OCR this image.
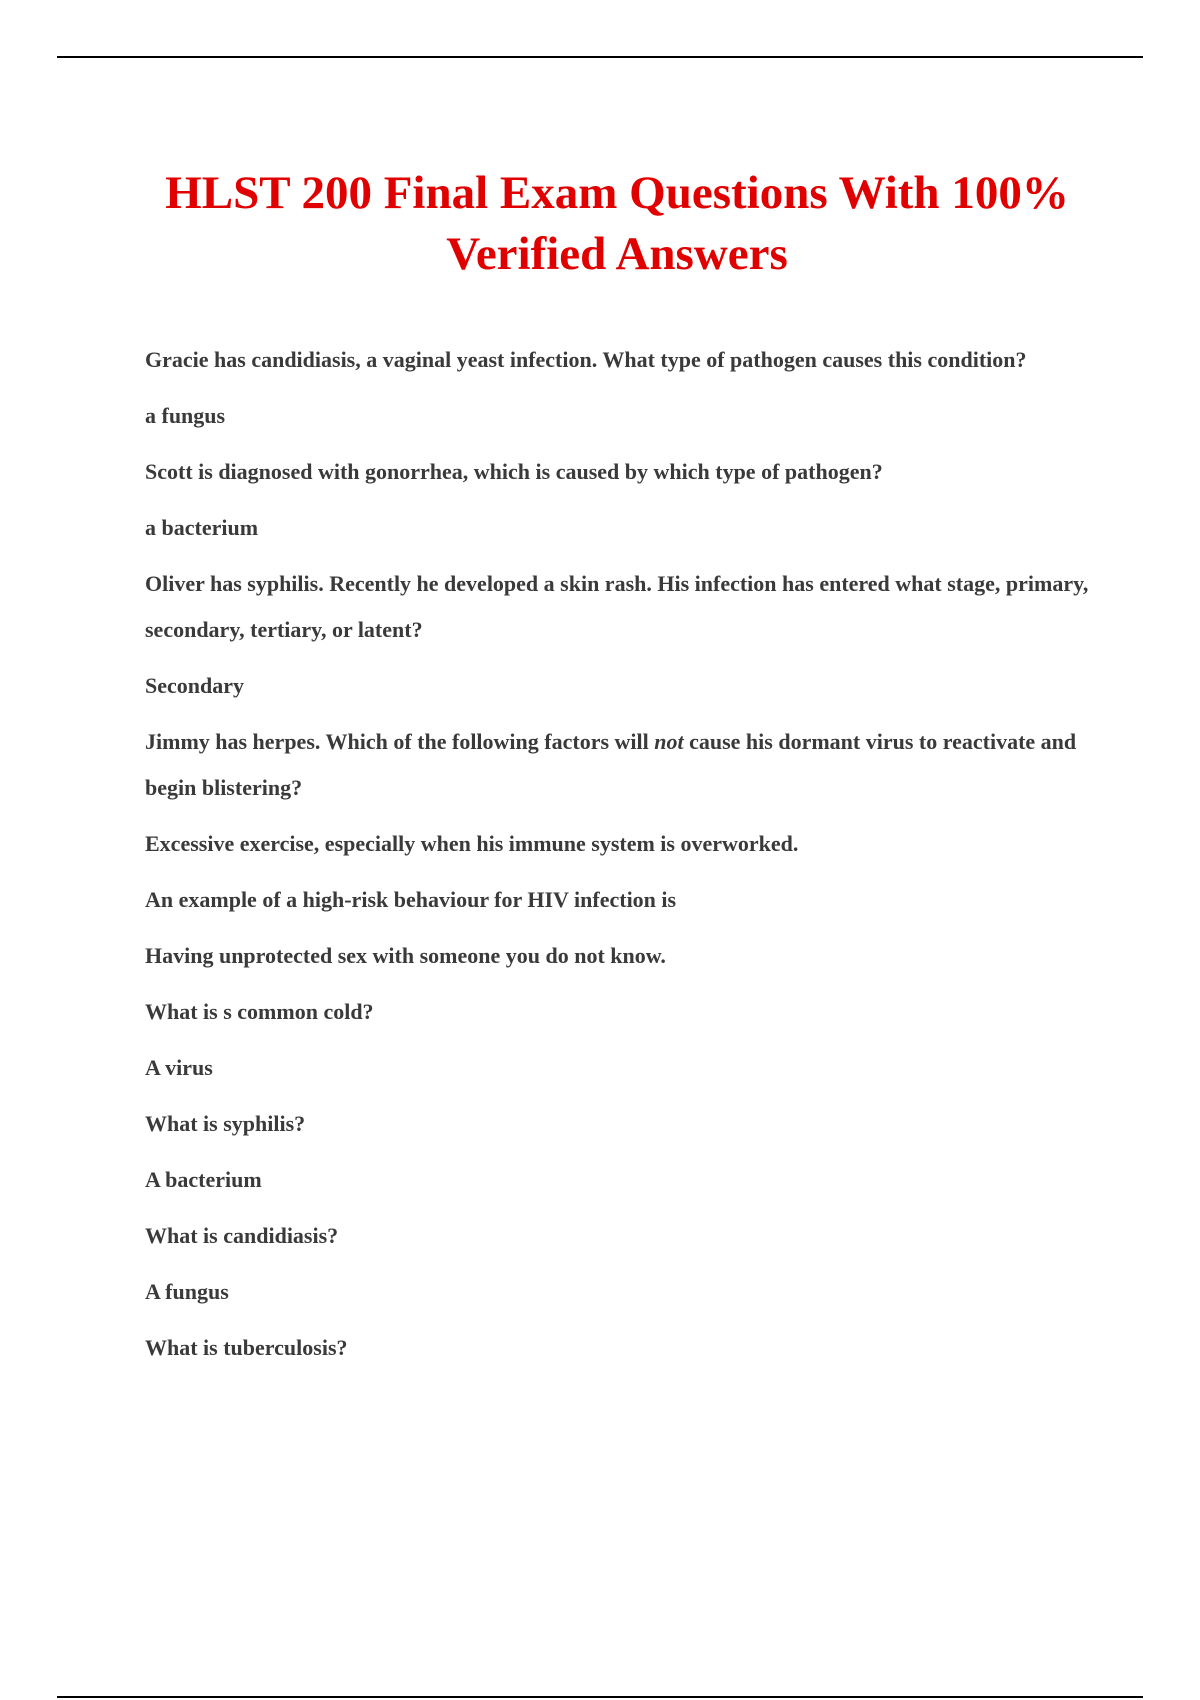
HLST 200 Final Exam Questions With 100%
Verified Answers

Gracie has candidiasis, a vaginal yeast infection. What type of pathogen causes this condition?

a fungus

Scott is diagnosed with gonorrhea, which is caused by which type of pathogen?

a bacterium

Oliver has syphilis. Recently he developed a skin rash. His infection has entered what stage, primary, secondary, tertiary, or latent?

Secondary

Jimmy has herpes. Which of the following factors will not cause his dormant virus to reactivate and begin blistering?

Excessive exercise, especially when his immune system is overworked.

An example of a high-risk behaviour for HIV infection is

Having unprotected sex with someone you do not know.

What is s common cold?

A virus

What is syphilis?

A bacterium

What is candidiasis?

A fungus

What is tuberculosis?
